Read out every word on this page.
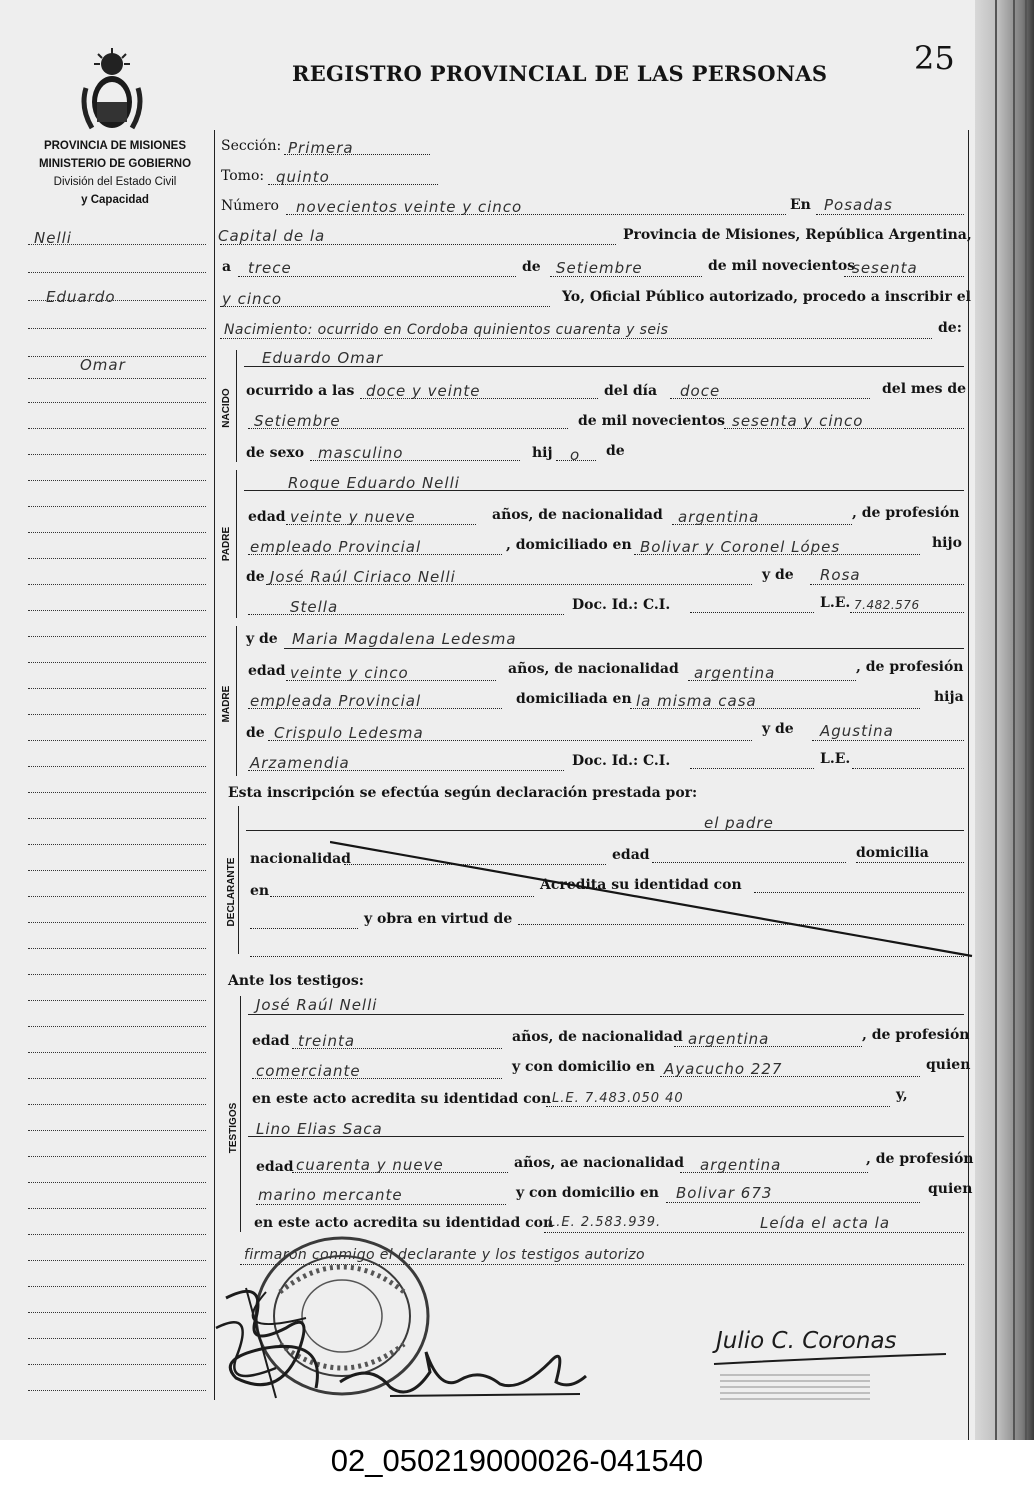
REGISTRO PROVINCIAL DE LAS PERSONAS	25
PROVINCIA DE MISIONES
MINISTERIO DE GOBIERNO
División del Estado Civil
y Capacidad
Nelli
Eduardo
Omar
Sección: Primera
Tomo: quinto
Número novecientos veinte y cinco	En Posadas
Capital de la	Provincia de Misiones, República Argentina,
a trece	de Setiembre	de mil novecientos
sesenta
y cinco	Yo, Oficial Público autorizado, procedo a inscribir el
Nacimiento: ocurrido en Cordoba quinientos cuarenta y seis	de:
NACIDO
Eduardo Omar
ocurrido a las doce y veinte	del día doce	del mes de
Setiembre	de mil novecientos sesenta y cinco
de sexo masculino	hij o de
PADRE
Roque Eduardo Nelli
edad veinte y nueve	años, de nacionalidad argentina	, de profesión
empleado Provincial	, domiciliado en Bolivar y Coronel Lópes	hijo
de José Raúl Ciriaco Nelli	y de Rosa
Stella	Doc. Id.: C.I.	L.E. 7.482.576
MADRE
y de Maria Magdalena Ledesma
edad veinte y cinco	años, de nacionalidad argentina	, de profesión
empleada Provincial	domiciliada en la misma casa	hija
de Crispulo Ledesma	y de Agustina
Arzamendia	Doc. Id.: C.I.	L.E.
Esta inscripción se efectúa según declaración prestada por:
DECLARANTE
el padre
nacionalidad	edad	domicilia
en	Acredita su identidad con
y obra en virtud de
Ante los testigos:
TESTIGOS
José Raúl Nelli
edad treinta	años, de nacionalidad argentina	, de profesión
comerciante	y con domicilio en Ayacucho 227	quien
en este acto acredita su identidad con L.E. 7.483.050 40	y,
Lino Elias Saca
edad cuarenta y nueve	años, ae nacionalidad argentina	, de profesión
marino mercante	y con domicilio en Bolivar 673	quien
en este acto acredita su identidad con
L.E. 2.583.939.	Leída el acta la
firmaron conmigo el declarante y los testigos autorizo
Julio C. Coronas
02_050219000026-041540
